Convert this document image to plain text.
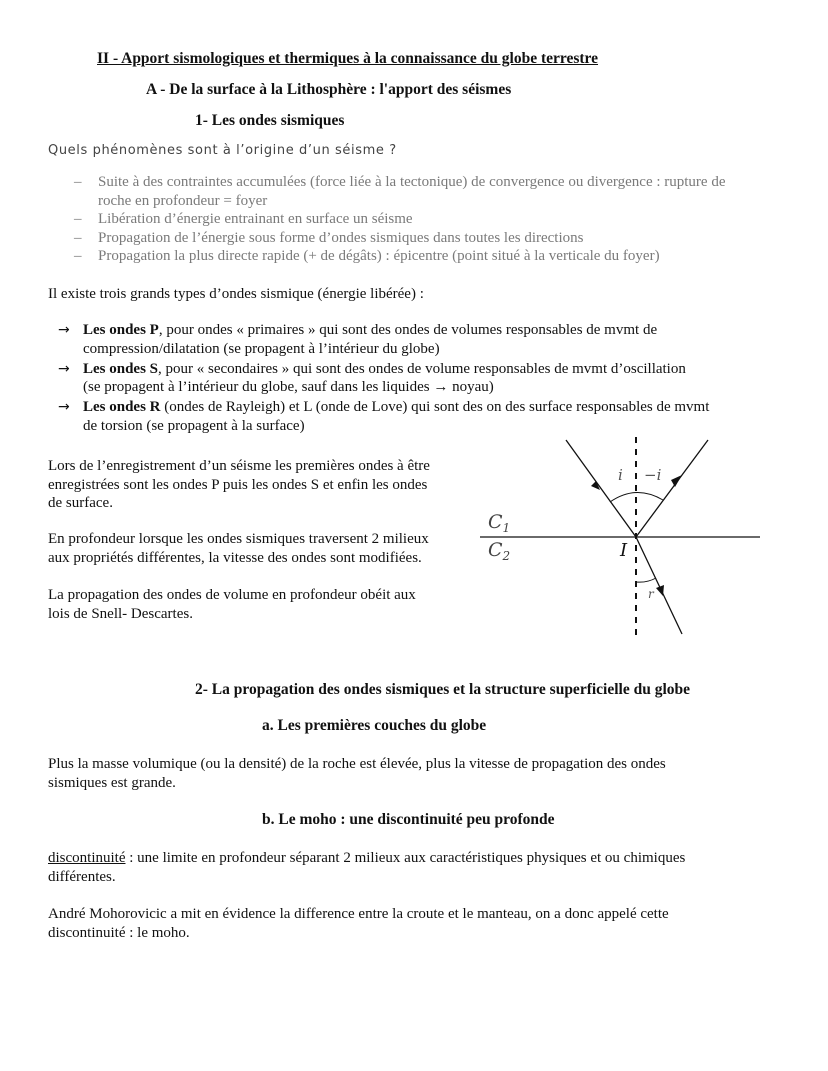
II - Apport sismologiques et thermiques à la connaissance du globe terrestre
A - De la surface à la Lithosphère : l'apport des séismes
1- Les ondes sismiques
Quels phénomènes sont à l’origine d’un séisme ?
– Suite à des contraintes accumulées (force liée à la tectonique) de convergence ou divergence : rupture de
roche en profondeur = foyer
– Libération d’énergie entrainant en surface un séisme
– Propagation de l’énergie sous forme d’ondes sismiques dans toutes les directions
– Propagation la plus directe rapide (+ de dégâts) : épicentre (point situé à la verticale du foyer)
Il existe trois grands types d’ondes sismique (énergie libérée) :
→ Les ondes P, pour ondes « primaires » qui sont des ondes de volumes responsables de mvmt de
compression/dilatation (se propagent à l’intérieur du globe)
→ Les ondes S, pour « secondaires » qui sont des ondes de volume responsables de mvmt d’oscillation
(se propagent à l’intérieur du globe, sauf dans les liquides → noyau)
→ Les ondes R (ondes de Rayleigh) et L (onde de Love) qui sont des on des surface responsables de mvmt
de torsion (se propagent à la surface)
Lors de l’enregistrement d’un séisme les premières ondes à être
enregistrées sont les ondes P puis les ondes S et enfin les ondes
de surface.
En profondeur lorsque les ondes sismiques traversent 2 milieux
aux propriétés différentes, la vitesse des ondes sont modifiées.
La propagation des ondes de volume en profondeur obéit aux
lois de Snell- Descartes.
i −i
r
$C_1$
$C_2$	I
2- La propagation des ondes sismiques et la structure superficielle du globe
a. Les premières couches du globe
Plus la masse volumique (ou la densité) de la roche est élevée, plus la vitesse de propagation des ondes
sismiques est grande.
b. Le moho : une discontinuité peu profonde
discontinuité : une limite en profondeur séparant 2 milieux aux caractéristiques physiques et ou chimiques
différentes.
André Mohorovicic a mit en évidence la difference entre la croute et le manteau, on a donc appelé cette
discontinuité : le moho.
